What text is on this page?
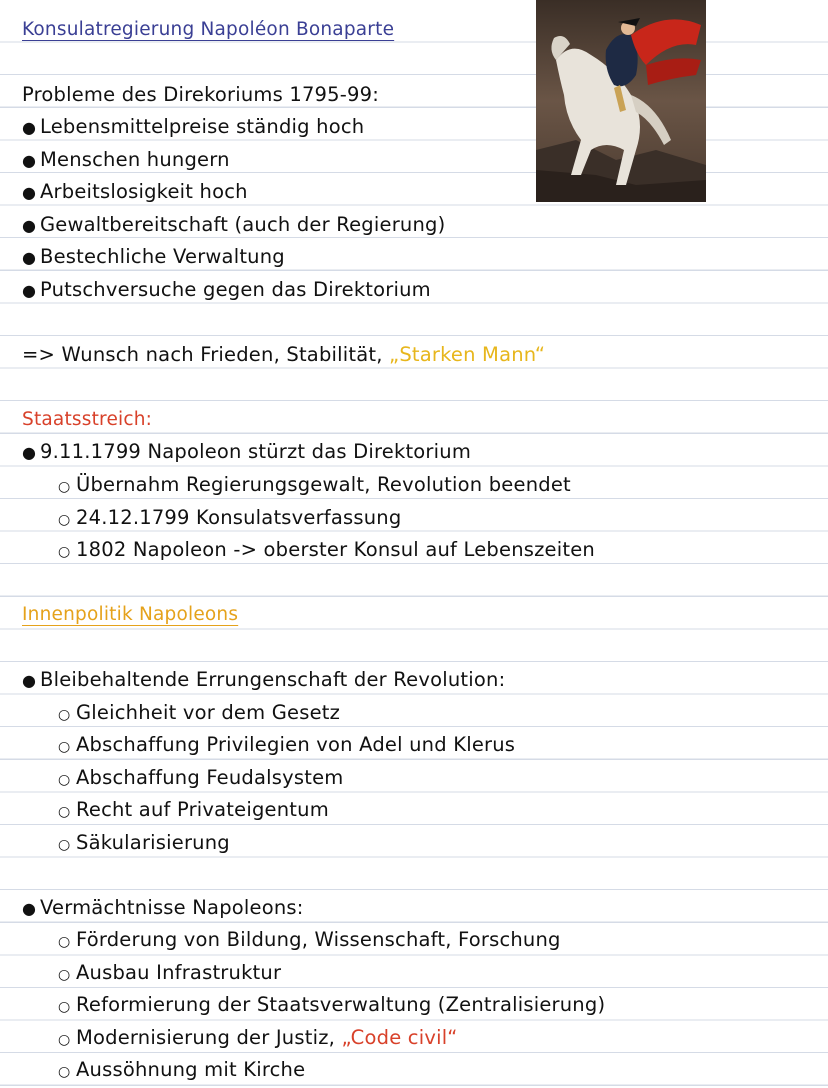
Konsulatregierung Napoléon Bonaparte
Probleme des Direkoriums 1795-99:
● Lebensmittelpreise ständig hoch
● Menschen hungern
● Arbeitslosigkeit hoch
● Gewaltbereitschaft (auch der Regierung)
● Bestechliche Verwaltung
● Putschversuche gegen das Direktorium
=> Wunsch nach Frieden, Stabilität, „Starken Mann“
Staatsstreich:
● 9.11.1799 Napoleon stürzt das Direktorium
○ Übernahm Regierungsgewalt, Revolution beendet
○ 24.12.1799 Konsulatsverfassung
○ 1802 Napoleon -> oberster Konsul auf Lebenszeiten
Innenpolitik Napoleons
● Bleibehaltende Errungenschaft der Revolution:
○ Gleichheit vor dem Gesetz
○ Abschaffung Privilegien von Adel und Klerus
○ Abschaffung Feudalsystem
○ Recht auf Privateigentum
○ Säkularisierung
● Vermächtnisse Napoleons:
○ Förderung von Bildung, Wissenschaft, Forschung
○ Ausbau Infrastruktur
○ Reformierung der Staatsverwaltung (Zentralisierung)
○ Modernisierung der Justiz, „Code civil“
○ Aussöhnung mit Kirche
